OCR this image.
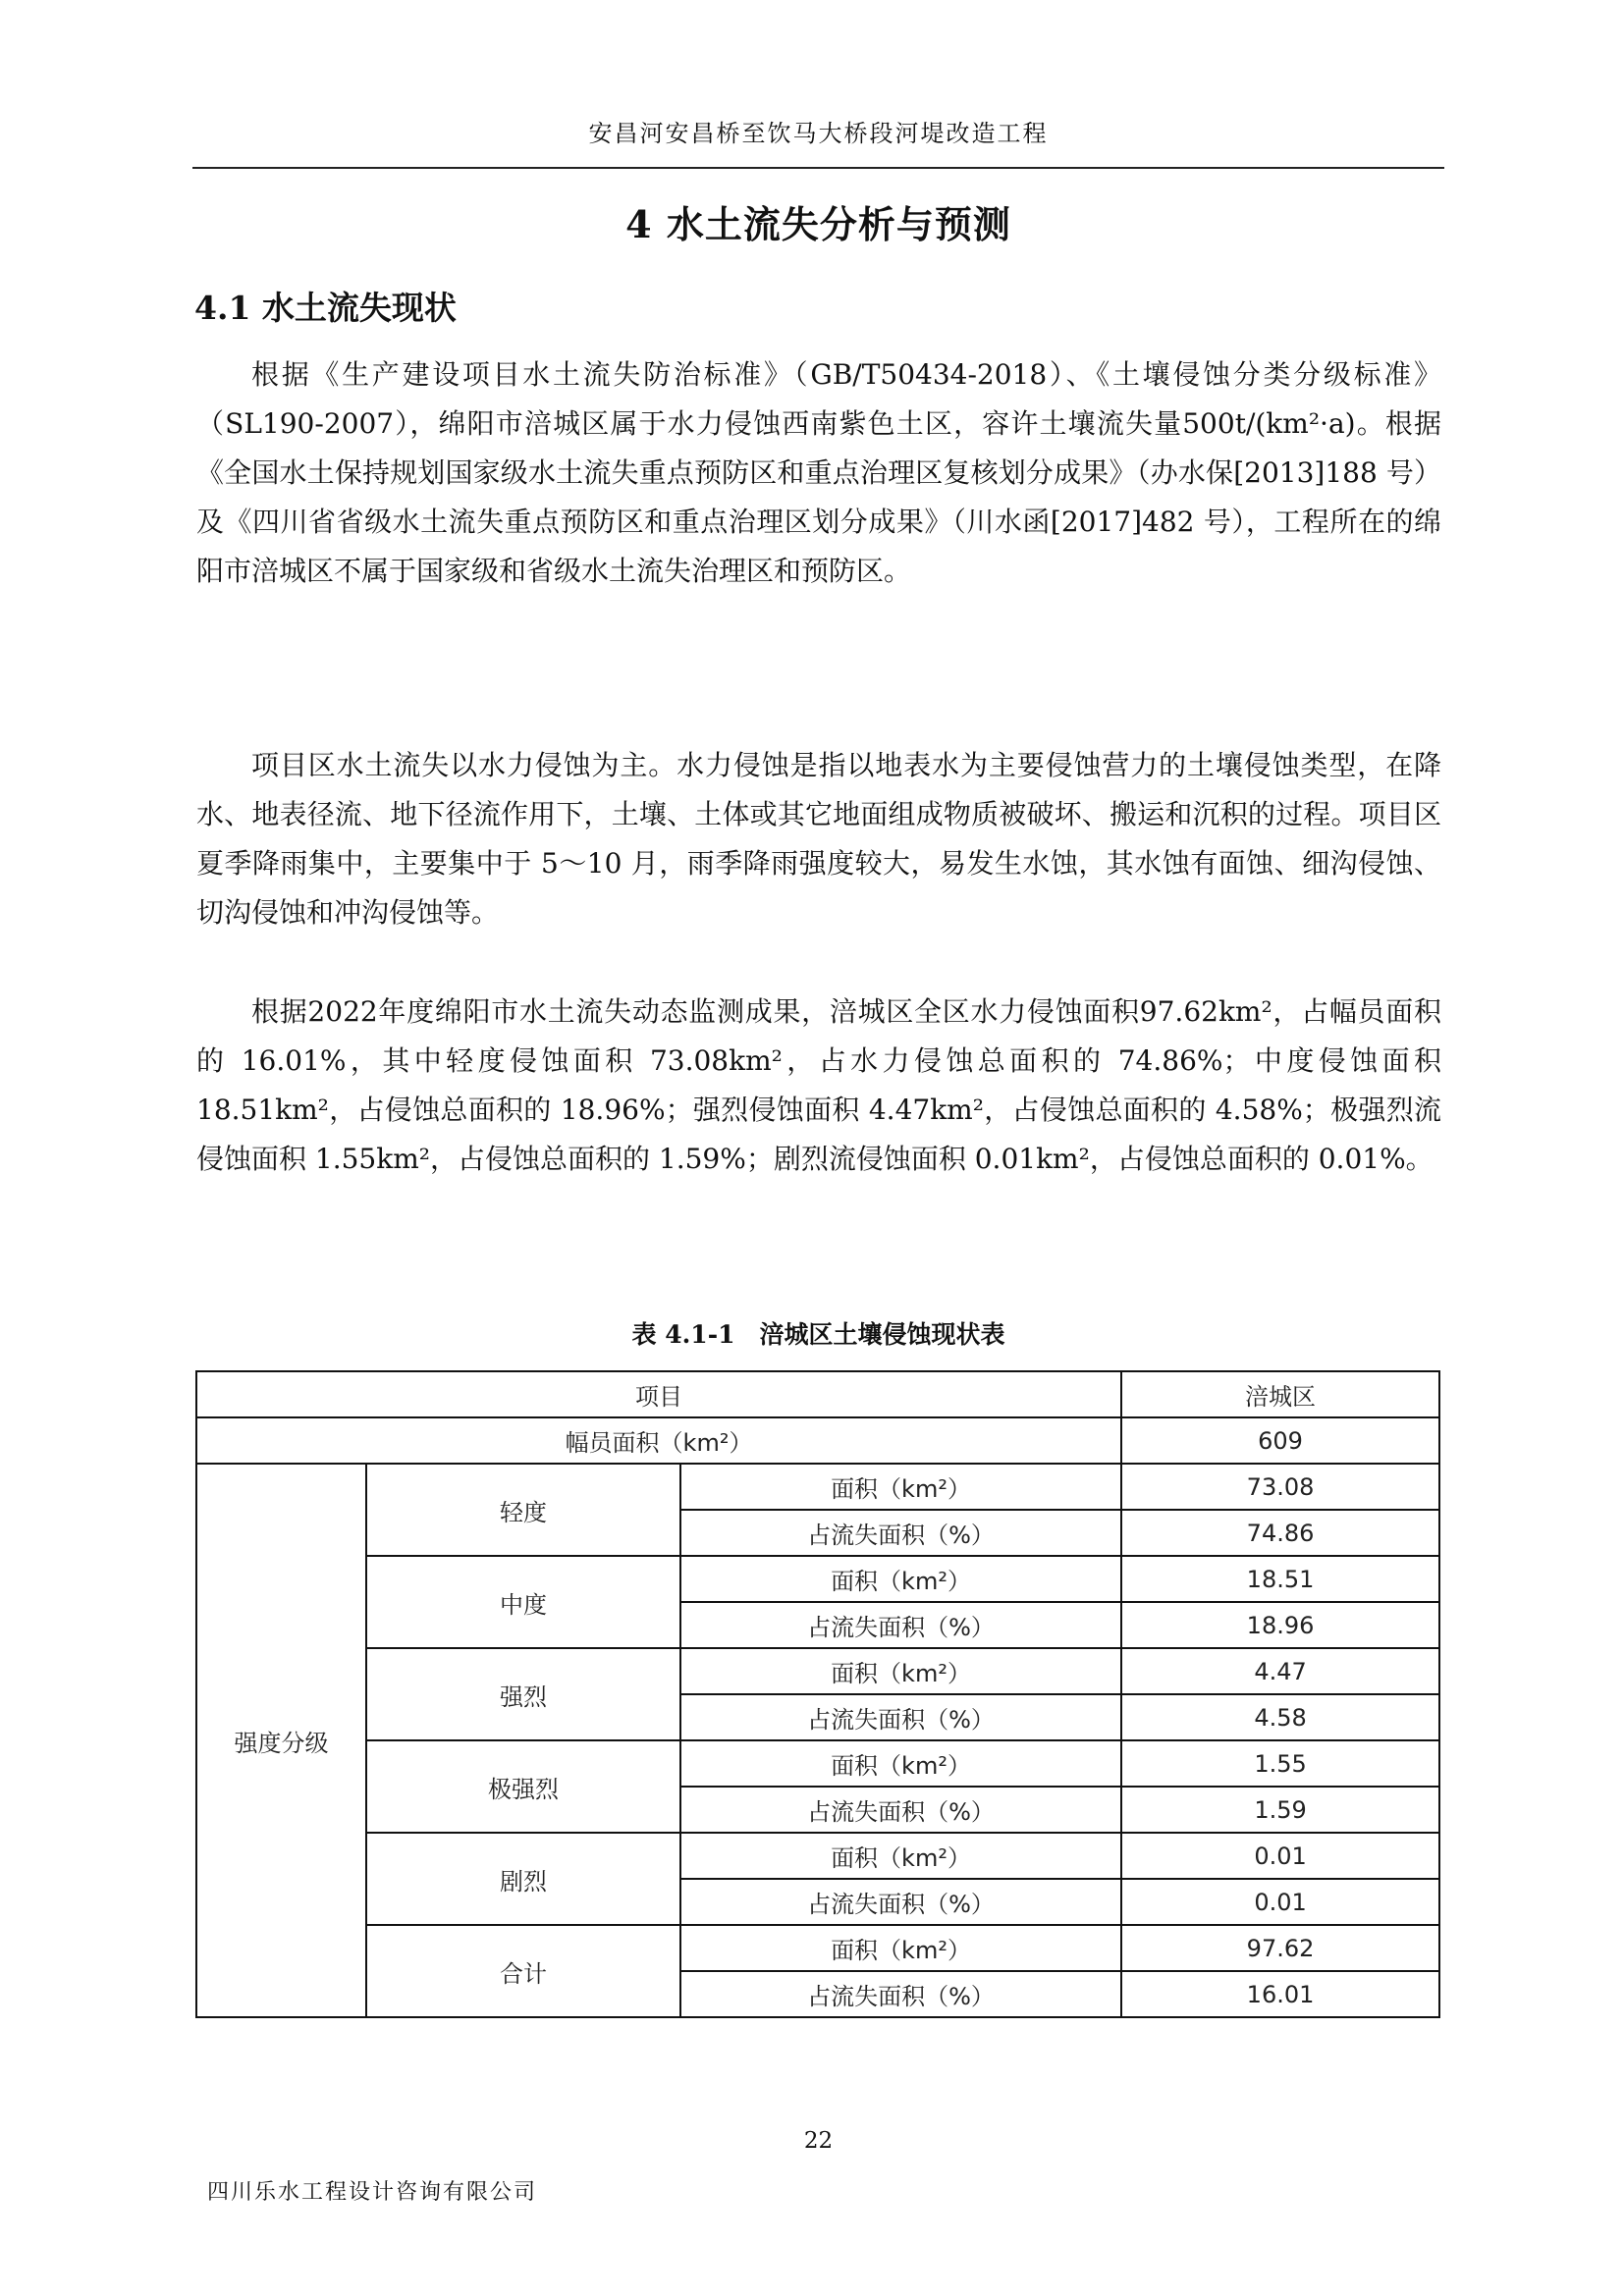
安昌河安昌桥至饮马大桥段河堤改造工程
4 水土流失分析与预测
4.1 水土流失现状

根据《生产建设项目水土流失防治标准》（GB/T50434-2018）、《土壤侵蚀分类分级标准》（SL190-2007），绵阳市涪城区属于水力侵蚀西南紫色土区，容许土壤流失量500t/(km²·a)。根据《全国水土保持规划国家级水土流失重点预防区和重点治理区复核划分成果》（办水保[2013]188 号）及《四川省省级水土流失重点预防区和重点治理区划分成果》（川水函[2017]482 号），工程所在的绵阳市涪城区不属于国家级和省级水土流失治理区和预防区。

项目区水土流失以水力侵蚀为主。水力侵蚀是指以地表水为主要侵蚀营力的土壤侵蚀类型，在降水、地表径流、地下径流作用下，土壤、土体或其它地面组成物质被破坏、搬运和沉积的过程。项目区夏季降雨集中，主要集中于 5～10 月，雨季降雨强度较大，易发生水蚀，其水蚀有面蚀、细沟侵蚀、切沟侵蚀和冲沟侵蚀等。

根据2022年度绵阳市水土流失动态监测成果，涪城区全区水力侵蚀面积97.62km²，占幅员面积的 16.01%，其中轻度侵蚀面积 73.08km²，占水力侵蚀总面积的 74.86%；中度侵蚀面积 18.51km²，占侵蚀总面积的 18.96%；强烈侵蚀面积 4.47km²，占侵蚀总面积的 4.58%；极强烈流侵蚀面积 1.55km²，占侵蚀总面积的 1.59%；剧烈流侵蚀面积 0.01km²，占侵蚀总面积的 0.01%。

表 4.1-1　涪城区土壤侵蚀现状表
项目			涪城区
幅员面积（km²）			609
强度分级	轻度	面积（km²）	73.08
		占流失面积（%）	74.86
	中度	面积（km²）	18.51
		占流失面积（%）	18.96
	强烈	面积（km²）	4.47
		占流失面积（%）	4.58
	极强烈	面积（km²）	1.55
		占流失面积（%）	1.59
	剧烈	面积（km²）	0.01
		占流失面积（%）	0.01
	合计	面积（km²）	97.62
		占流失面积（%）	16.01
22
四川乐水工程设计咨询有限公司
